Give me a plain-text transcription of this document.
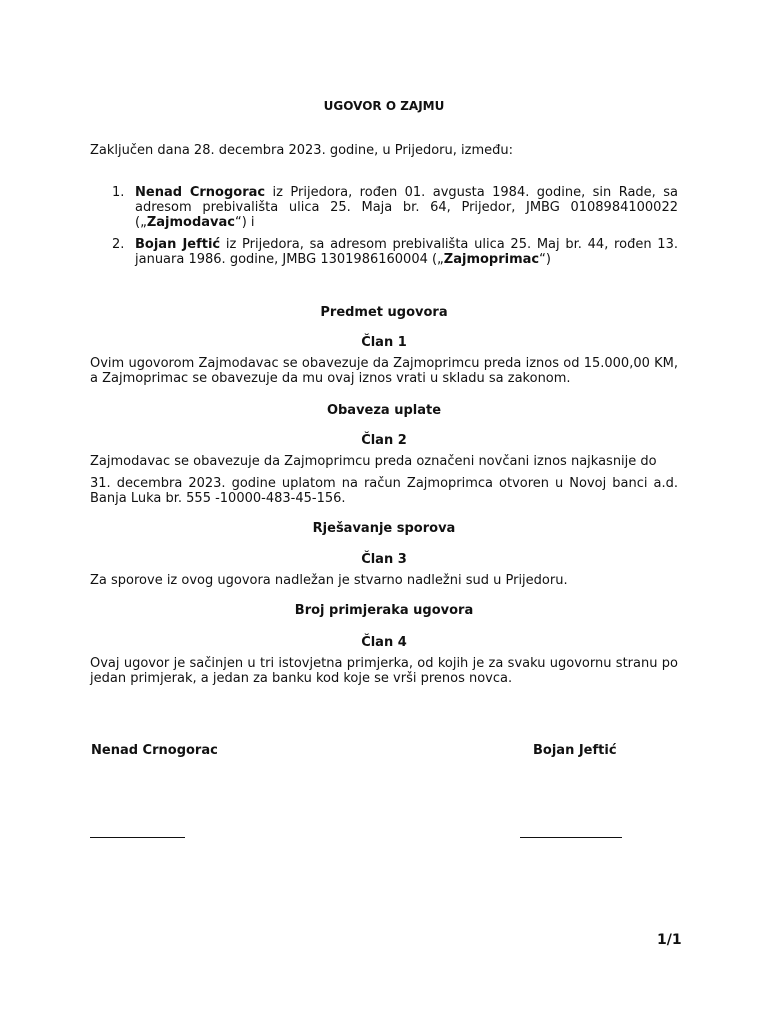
UGOVOR O ZAJMU
Zaključen dana 28. decembra 2023. godine, u Prijedoru, između:
1. Nenad Crnogorac iz Prijedora, rođen 01. avgusta 1984. godine, sin Rade, sa adresom prebivališta ulica 25. Maja br. 64, Prijedor, JMBG 0108984100022 („Zajmodavac“) i
2. Bojan Jeftić iz Prijedora, sa adresom prebivališta ulica 25. Maj br. 44, rođen 13. januara 1986. godine, JMBG 1301986160004 („Zajmoprimac“)
Predmet ugovora
Član 1
Ovim ugovorom Zajmodavac se obavezuje da Zajmoprimcu preda iznos od 15.000,00 KM, a Zajmoprimac se obavezuje da mu ovaj iznos vrati u skladu sa zakonom.
Obaveza uplate
Član 2
Zajmodavac se obavezuje da Zajmoprimcu preda označeni novčani iznos najkasnije do
31. decembra 2023. godine uplatom na račun Zajmoprimca otvoren u Novoj banci a.d. Banja Luka br. 555 -10000-483-45-156.
Rješavanje sporova
Član 3
Za sporove iz ovog ugovora nadležan je stvarno nadležni sud u Prijedoru.
Broj primjeraka ugovora
Član 4
Ovaj ugovor je sačinjen u tri istovjetna primjerka, od kojih je za svaku ugovornu stranu po jedan primjerak, a jedan za banku kod koje se vrši prenos novca.
Nenad Crnogorac	Bojan Jeftić
1/1
